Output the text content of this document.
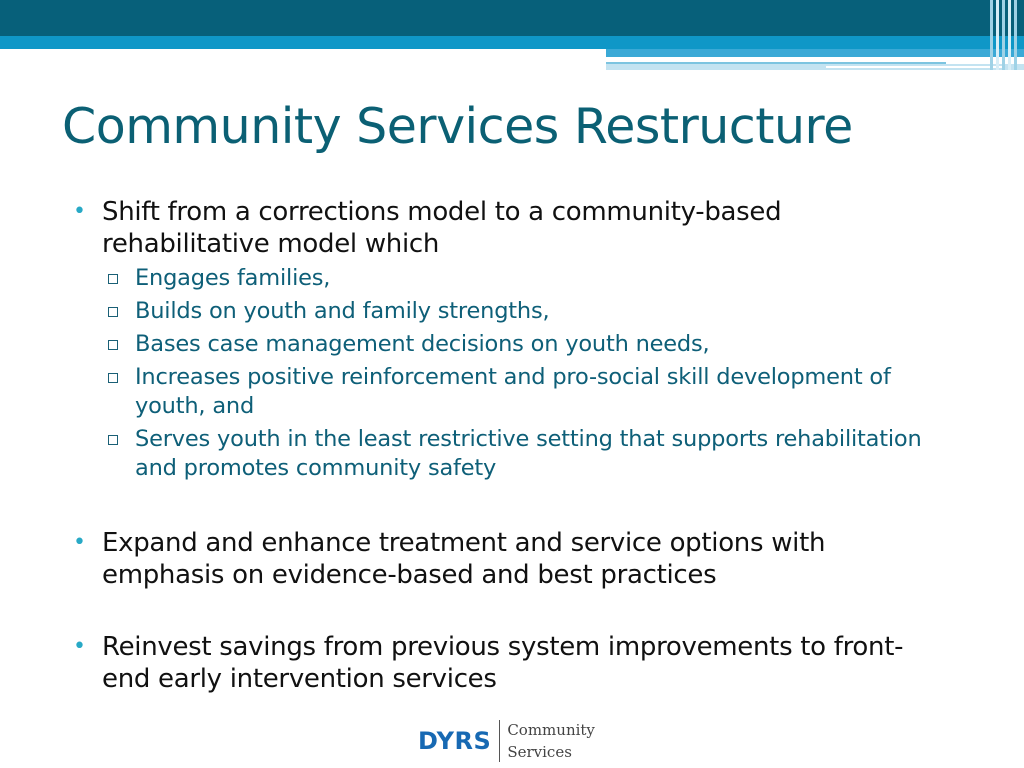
Community Services Restructure
• Shift from a corrections model to a community-based rehabilitative model which
Engages families,
Builds on youth and family strengths,
Bases case management decisions on youth needs,
Increases positive reinforcement and pro-social skill development of youth, and
Serves youth in the least restrictive setting that supports rehabilitation and promotes community safety
• Expand and enhance treatment and service options with emphasis on evidence-based and best practices
• Reinvest savings from previous system improvements to front-end early intervention services
DYRS Community
Services
